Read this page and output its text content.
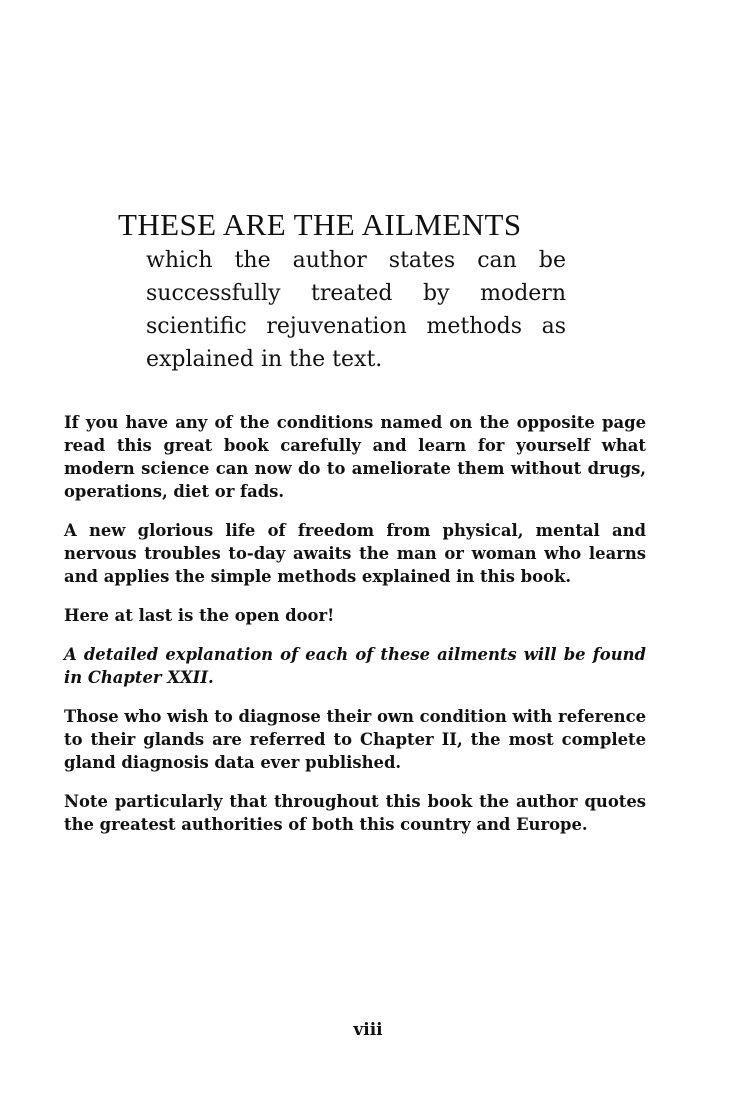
THESE ARE THE AILMENTS

which the author states can be successfully treated by modern scientific rejuvenation methods as explained in the text.

If you have any of the conditions named on the opposite page read this great book carefully and learn for yourself what modern science can now do to ameliorate them without drugs, operations, diet or fads.

A new glorious life of freedom from physical, mental and nervous troubles to-day awaits the man or woman who learns and applies the simple methods explained in this book.

Here at last is the open door!

A detailed explanation of each of these ailments will be found in Chapter XXII.

Those who wish to diagnose their own condition with reference to their glands are referred to Chapter II, the most complete gland diagnosis data ever published.

Note particularly that throughout this book the author quotes the greatest authorities of both this country and Europe.

viii
